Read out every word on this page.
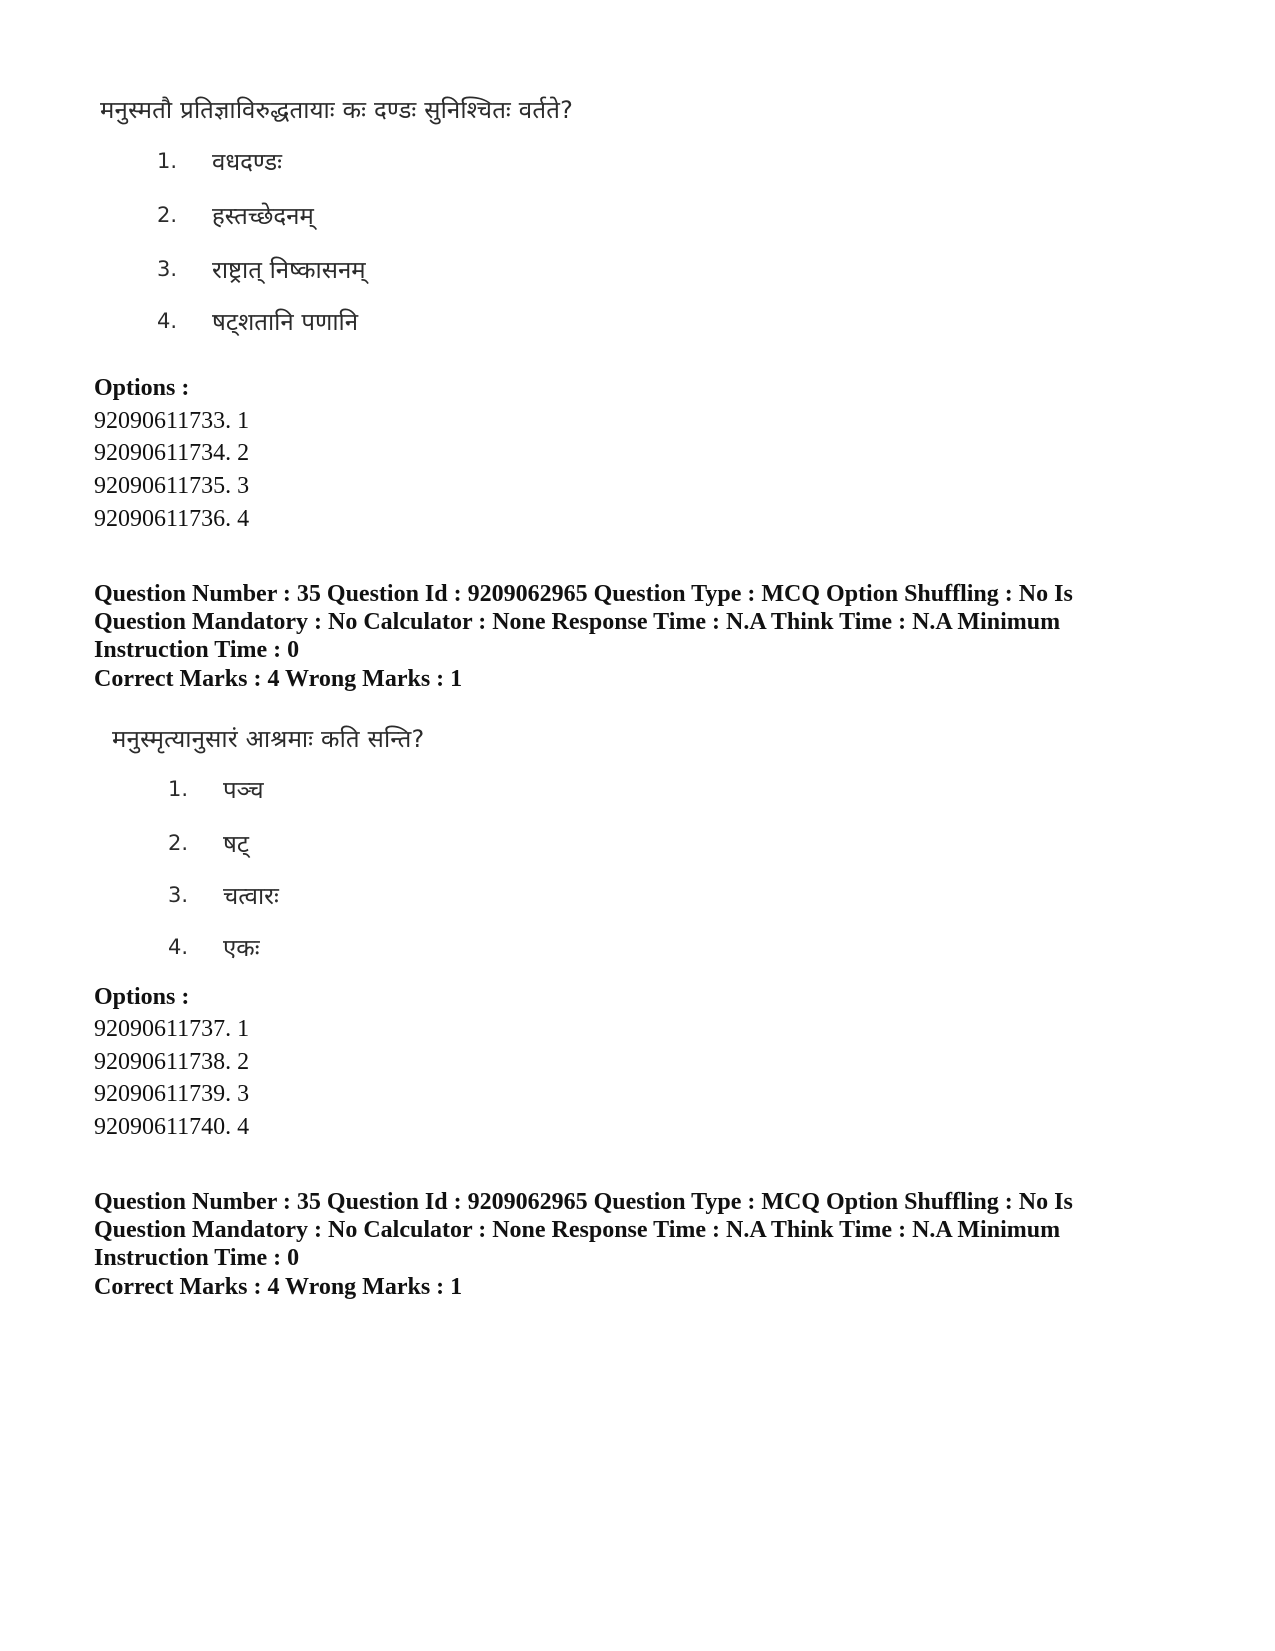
मनुस्मतौ प्रतिज्ञाविरुद्धतायाः कः दण्डः सुनिश्चितः वर्तते?
1. वधदण्डः
2. हस्तच्छेदनम्
3. राष्ट्रात् निष्कासनम्
4. षट्शतानि पणानि
Options :
92090611733. 1
92090611734. 2
92090611735. 3
92090611736. 4
Question Number : 35 Question Id : 9209062965 Question Type : MCQ Option Shuffling : No Is
Question Mandatory : No Calculator : None Response Time : N.A Think Time : N.A Minimum
Instruction Time : 0
Correct Marks : 4 Wrong Marks : 1
मनुस्मृत्यानुसारं आश्रमाः कति सन्ति?
1. पञ्च
2. षट्
3. चत्वारः
4. एकः
Options :
92090611737. 1
92090611738. 2
92090611739. 3
92090611740. 4
Question Number : 35 Question Id : 9209062965 Question Type : MCQ Option Shuffling : No Is
Question Mandatory : No Calculator : None Response Time : N.A Think Time : N.A Minimum
Instruction Time : 0
Correct Marks : 4 Wrong Marks : 1
